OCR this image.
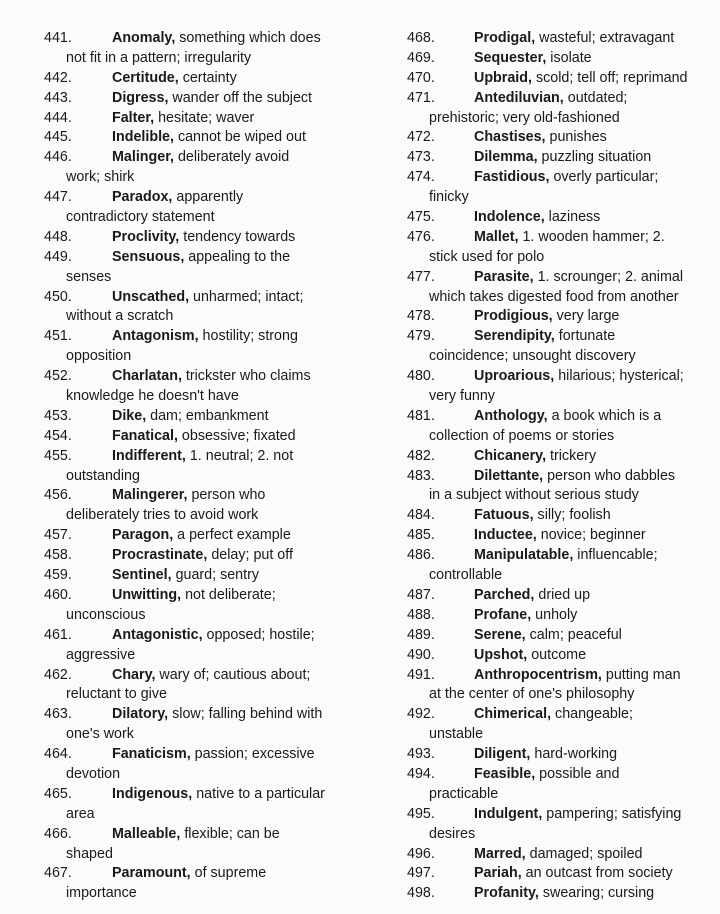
441.	Anomaly, something which does
not fit in a pattern; irregularity
442.	Certitude, certainty
443.	Digress, wander off the subject
444.	Falter, hesitate; waver
445.	Indelible, cannot be wiped out
446.	Malinger, deliberately avoid
work; shirk
447.	Paradox, apparently
contradictory statement
448.	Proclivity, tendency towards
449.	Sensuous, appealing to the
senses
450.	Unscathed, unharmed; intact;
without a scratch
451.	Antagonism, hostility; strong
opposition
452.	Charlatan, trickster who claims
knowledge he doesn't have
453.	Dike, dam; embankment
454.	Fanatical, obsessive; fixated
455.	Indifferent, 1. neutral; 2. not
outstanding
456.	Malingerer, person who
deliberately tries to avoid work
457.	Paragon, a perfect example
458.	Procrastinate, delay; put off
459.	Sentinel, guard; sentry
460.	Unwitting, not deliberate;
unconscious
461.	Antagonistic, opposed; hostile;
aggressive
462.	Chary, wary of; cautious about;
reluctant to give
463.	Dilatory, slow; falling behind with
one's work
464.	Fanaticism, passion; excessive
devotion
465.	Indigenous, native to a particular
area
466.	Malleable, flexible; can be
shaped
467.	Paramount, of supreme
importance
468.	Prodigal, wasteful; extravagant
469.	Sequester, isolate
470.	Upbraid, scold; tell off; reprimand
471.	Antediluvian, outdated;
prehistoric; very old-fashioned
472.	Chastises, punishes
473.	Dilemma, puzzling situation
474.	Fastidious, overly particular;
finicky
475.	Indolence, laziness
476.	Mallet, 1. wooden hammer; 2.
stick used for polo
477.	Parasite, 1. scrounger; 2. animal
which takes digested food from another
478.	Prodigious, very large
479.	Serendipity, fortunate
coincidence; unsought discovery
480.	Uproarious, hilarious; hysterical;
very funny
481.	Anthology, a book which is a
collection of poems or stories
482.	Chicanery, trickery
483.	Dilettante, person who dabbles
in a subject without serious study
484.	Fatuous, silly; foolish
485.	Inductee, novice; beginner
486.	Manipulatable, influencable;
controllable
487.	Parched, dried up
488.	Profane, unholy
489.	Serene, calm; peaceful
490.	Upshot, outcome
491.	Anthropocentrism, putting man
at the center of one's philosophy
492.	Chimerical, changeable;
unstable
493.	Diligent, hard-working
494.	Feasible, possible and
practicable
495.	Indulgent, pampering; satisfying
desires
496.	Marred, damaged; spoiled
497.	Pariah, an outcast from society
498.	Profanity, swearing; cursing
